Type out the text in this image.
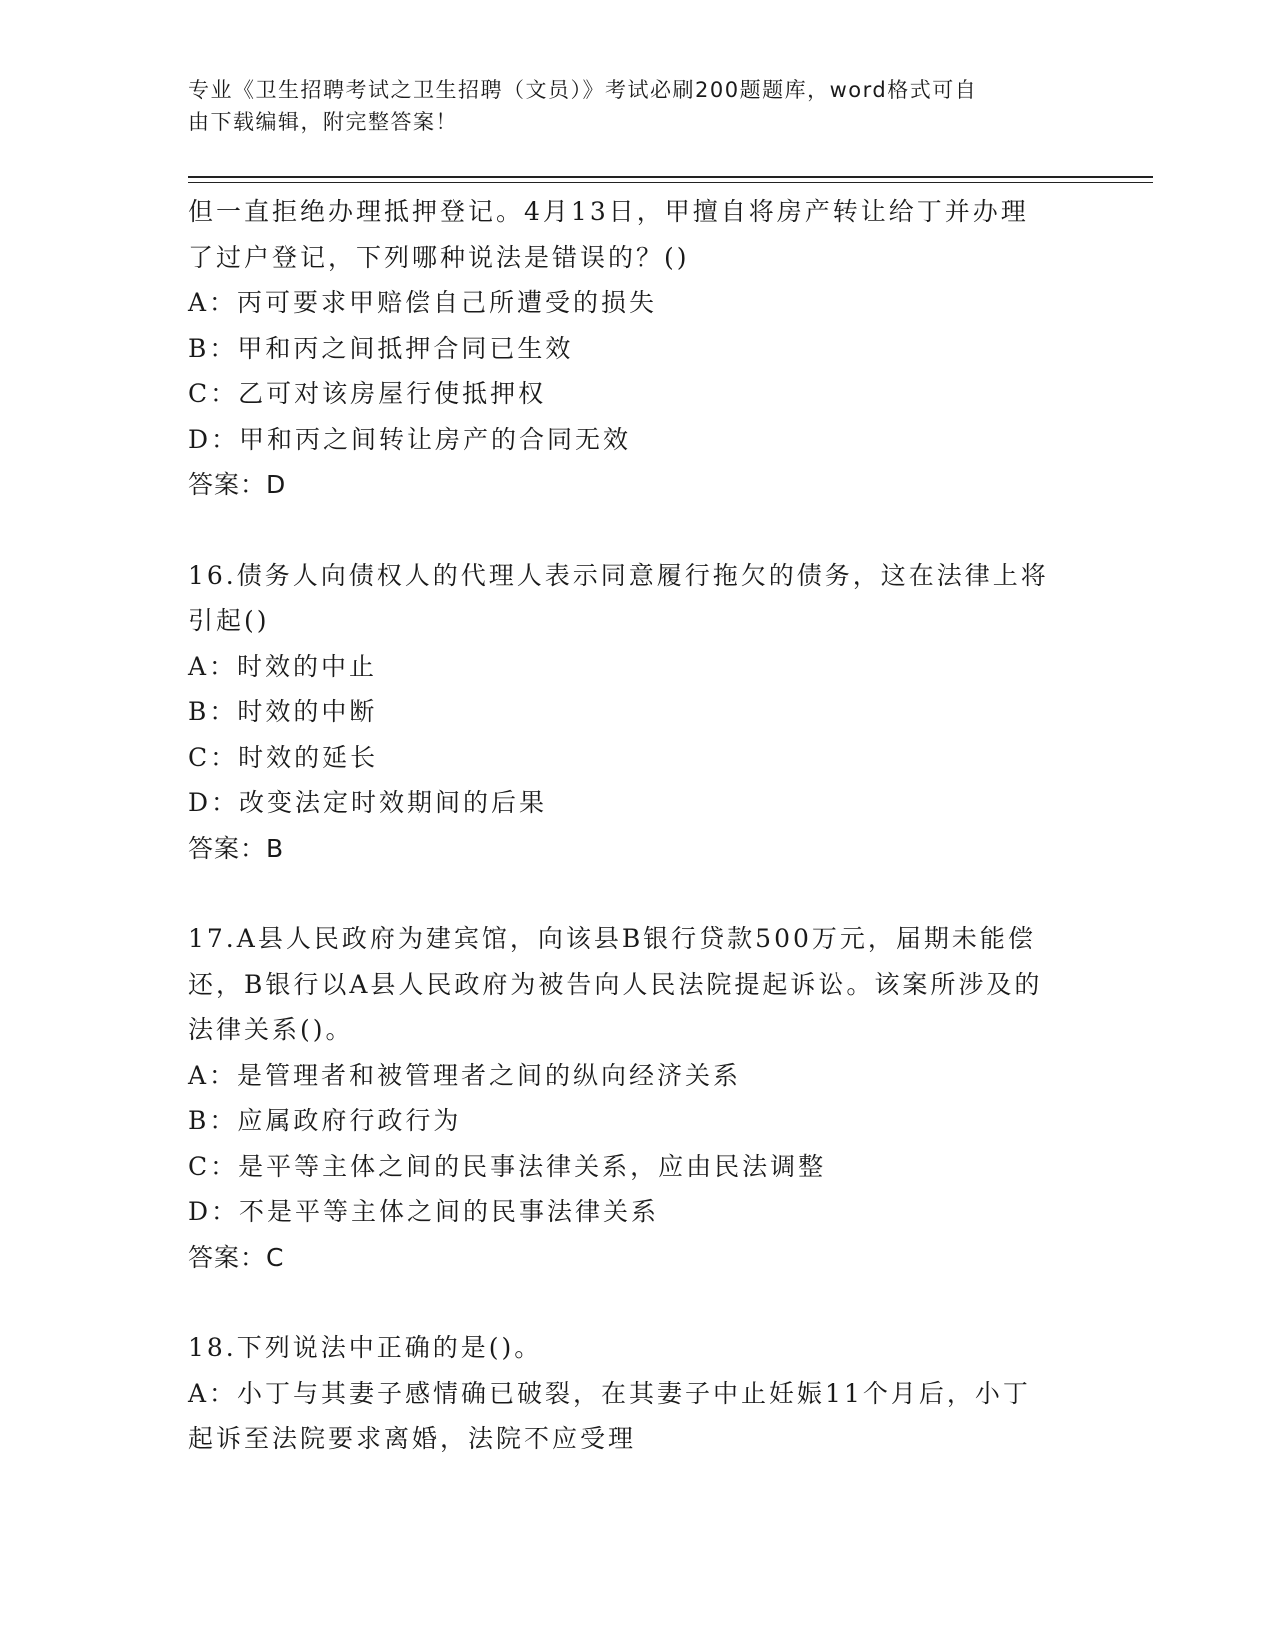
专业《卫生招聘考试之卫生招聘（文员）》考试必刷200题题库，word格式可自
由下载编辑，附完整答案！
但一直拒绝办理抵押登记。4月13日，甲擅自将房产转让给丁并办理
了过户登记，下列哪种说法是错误的？()
A：丙可要求甲赔偿自己所遭受的损失
B：甲和丙之间抵押合同已生效
C：乙可对该房屋行使抵押权
D：甲和丙之间转让房产的合同无效
答案：D
16.债务人向债权人的代理人表示同意履行拖欠的债务，这在法律上将
引起()
A：时效的中止
B：时效的中断
C：时效的延长
D：改变法定时效期间的后果
答案：B
17.A县人民政府为建宾馆，向该县B银行贷款500万元，届期未能偿
还，B银行以A县人民政府为被告向人民法院提起诉讼。该案所涉及的
法律关系()。
A：是管理者和被管理者之间的纵向经济关系
B：应属政府行政行为
C：是平等主体之间的民事法律关系，应由民法调整
D：不是平等主体之间的民事法律关系
答案：C
18.下列说法中正确的是()。
A：小丁与其妻子感情确已破裂，在其妻子中止妊娠11个月后，小丁
起诉至法院要求离婚，法院不应受理
